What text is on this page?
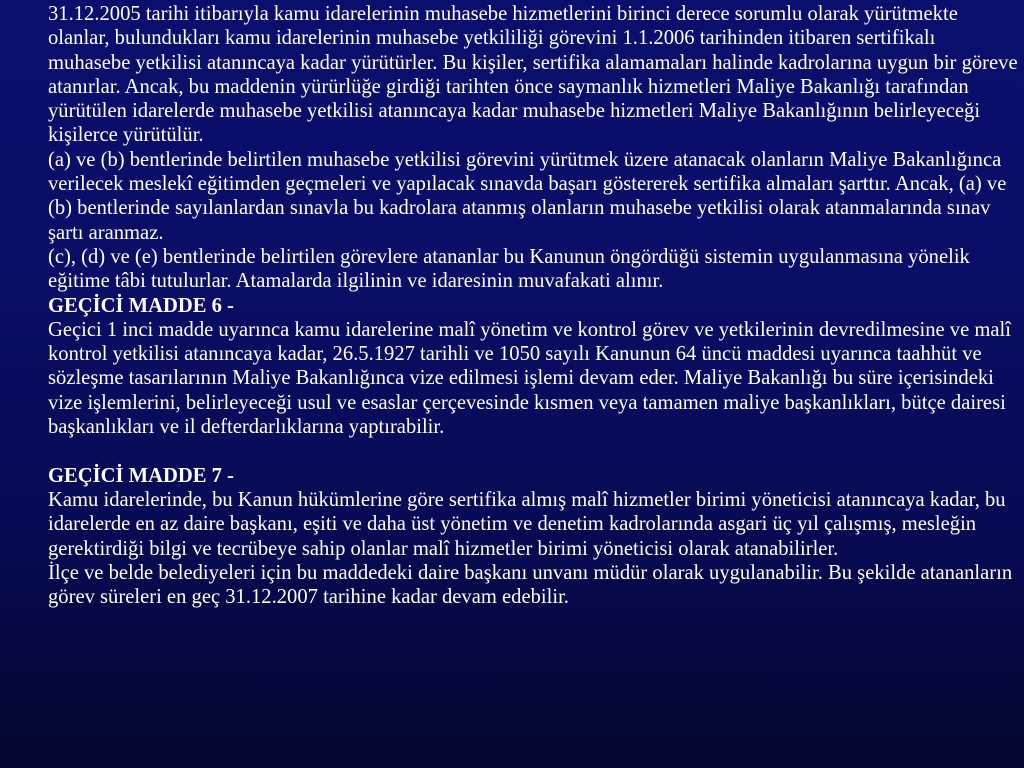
31.12.2005 tarihi itibarıyla kamu idarelerinin muhasebe hizmetlerini birinci derece sorumlu olarak yürütmekte olanlar, bulundukları kamu idarelerinin muhasebe yetkililiği görevini 1.1.2006 tarihinden itibaren sertifikalı muhasebe yetkilisi atanıncaya kadar yürütürler. Bu kişiler, sertifika alamamaları halinde kadrolarına uygun bir göreve atanırlar. Ancak, bu maddenin yürürlüğe girdiği tarihten önce saymanlık hizmetleri Maliye Bakanlığı tarafından yürütülen idarelerde muhasebe yetkilisi atanıncaya kadar muhasebe hizmetleri Maliye Bakanlığının belirleyeceği kişilerce yürütülür.

(a) ve (b) bentlerinde belirtilen muhasebe yetkilisi görevini yürütmek üzere atanacak olanların Maliye Bakanlığınca verilecek meslekî eğitimden geçmeleri ve yapılacak sınavda başarı göstererek sertifika almaları şarttır. Ancak, (a) ve (b) bentlerinde sayılanlardan sınavla bu kadrolara atanmış olanların muhasebe yetkilisi olarak atanmalarında sınav şartı aranmaz.

(c), (d) ve (e) bentlerinde belirtilen görevlere atananlar bu Kanunun öngördüğü sistemin uygulanmasına yönelik eğitime tâbi tutulurlar. Atamalarda ilgilinin ve idaresinin muvafakati alınır.

GEÇİCİ MADDE 6 -

Geçici 1 inci madde uyarınca kamu idarelerine malî yönetim ve kontrol görev ve yetkilerinin devredilmesine ve malî kontrol yetkilisi atanıncaya kadar, 26.5.1927 tarihli ve 1050 sayılı Kanunun 64 üncü maddesi uyarınca taahhüt ve sözleşme tasarılarının Maliye Bakanlığınca vize edilmesi işlemi devam eder. Maliye Bakanlığı bu süre içerisindeki vize işlemlerini, belirleyeceği usul ve esaslar çerçevesinde kısmen veya tamamen maliye başkanlıkları, bütçe dairesi başkanlıkları ve il defterdarlıklarına yaptırabilir.

GEÇİCİ MADDE 7 -

Kamu idarelerinde, bu Kanun hükümlerine göre sertifika almış malî hizmetler birimi yöneticisi atanıncaya kadar, bu idarelerde en az daire başkanı, eşiti ve daha üst yönetim ve denetim kadrolarında asgari üç yıl çalışmış, mesleğin gerektirdiği bilgi ve tecrübeye sahip olanlar malî hizmetler birimi yöneticisi olarak atanabilirler.

İlçe ve belde belediyeleri için bu maddedeki daire başkanı unvanı müdür olarak uygulanabilir. Bu şekilde atananların görev süreleri en geç 31.12.2007 tarihine kadar devam edebilir.
